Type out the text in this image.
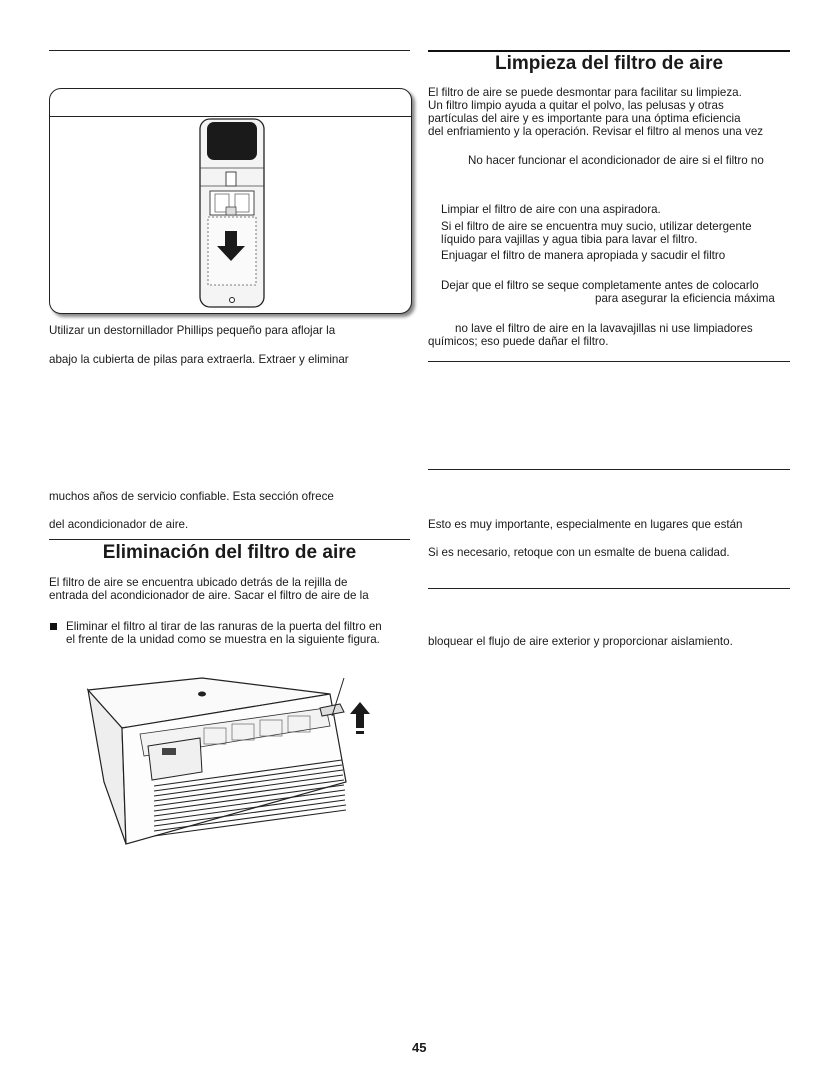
Utilizar un destornillador Phillips pequeño para aflojar la
abajo la cubierta de pilas para extraerla. Extraer y eliminar
muchos años de servicio confiable. Esta sección ofrece
del acondicionador de aire.
Eliminación del filtro de aire
El filtro de aire se encuentra ubicado detrás de la rejilla de
entrada del acondicionador de aire. Sacar el filtro de aire de la
Eliminar el filtro al tirar de las ranuras de la puerta del filtro en
el frente de la unidad como se muestra en la siguiente figura.
Limpieza del filtro de aire
El filtro de aire se puede desmontar para facilitar su limpieza.
Un filtro limpio ayuda a quitar el polvo, las pelusas y otras
partículas del aire y es importante para una óptima eficiencia
del enfriamiento y la operación. Revisar el filtro al menos una vez
No hacer funcionar el acondicionador de aire si el filtro no
Limpiar el filtro de aire con una aspiradora.
Si el filtro de aire se encuentra muy sucio, utilizar detergente
líquido para vajillas y agua tibia para lavar el filtro.
Enjuagar el filtro de manera apropiada y sacudir el filtro
Dejar que el filtro se seque completamente antes de colocarlo
para asegurar la eficiencia máxima
no lave el filtro de aire en la lavavajillas ni use limpiadores
químicos; eso puede dañar el filtro.
Esto es muy importante, especialmente en lugares que están
Si es necesario, retoque con un esmalte de buena calidad.
bloquear el flujo de aire exterior y proporcionar aislamiento.
45
